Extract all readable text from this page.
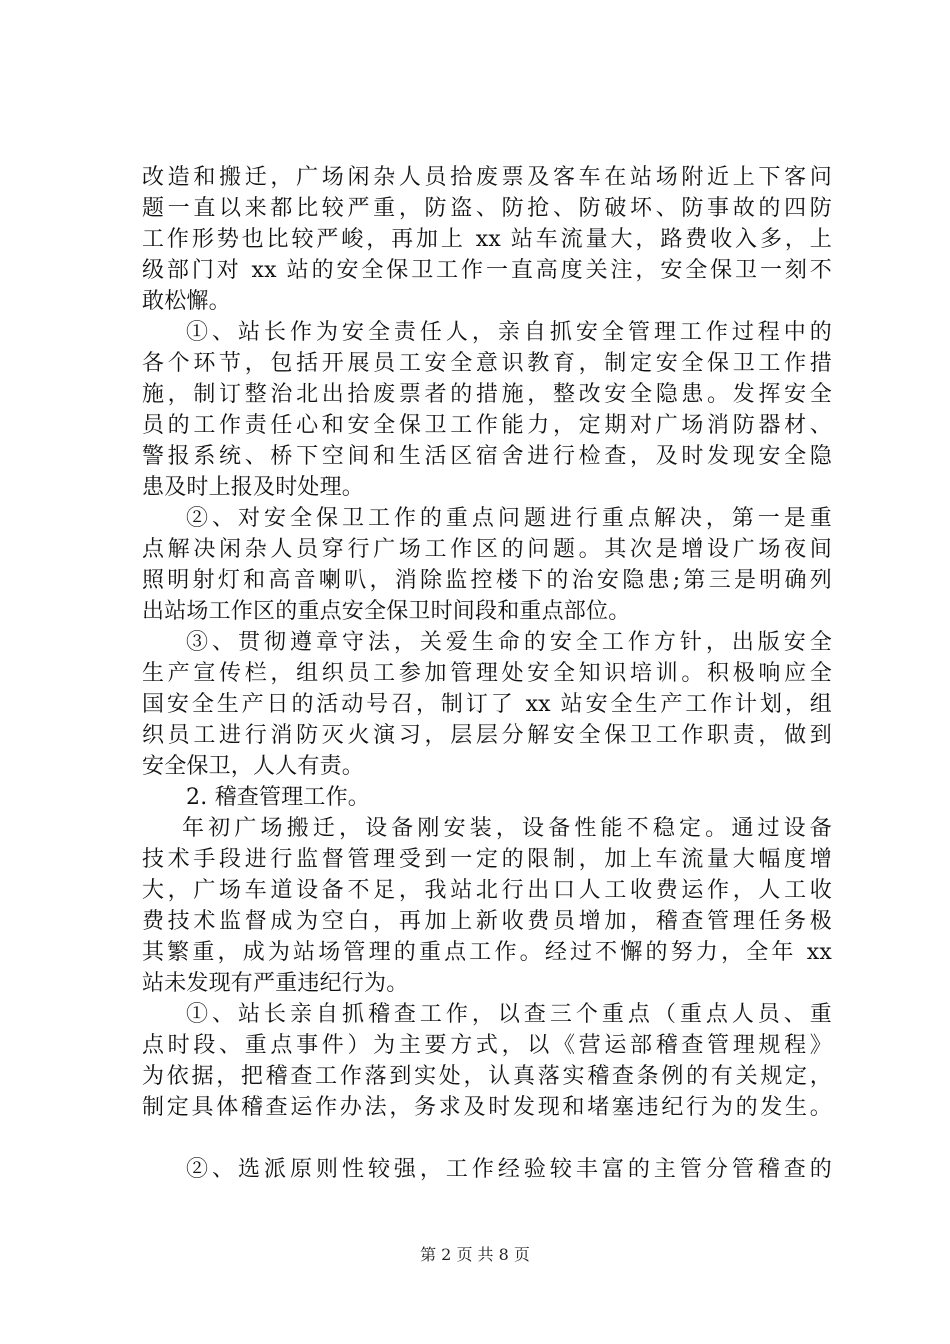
改造和搬迁，广场闲杂人员拾废票及客车在站场附近上下客问
题一直以来都比较严重，防盗、防抢、防破坏、防事故的四防
工作形势也比较严峻，再加上 xx 站车流量大，路费收入多，上
级部门对 xx 站的安全保卫工作一直高度关注，安全保卫一刻不
敢松懈。
①、站长作为安全责任人，亲自抓安全管理工作过程中的
各个环节，包括开展员工安全意识教育，制定安全保卫工作措
施，制订整治北出拾废票者的措施，整改安全隐患。发挥安全
员的工作责任心和安全保卫工作能力，定期对广场消防器材、
警报系统、桥下空间和生活区宿舍进行检查，及时发现安全隐
患及时上报及时处理。
②、对安全保卫工作的重点问题进行重点解决，第一是重
点解决闲杂人员穿行广场工作区的问题。其次是增设广场夜间
照明射灯和高音喇叭，消除监控楼下的治安隐患;第三是明确列
出站场工作区的重点安全保卫时间段和重点部位。
③、贯彻遵章守法，关爱生命的安全工作方针，出版安全
生产宣传栏，组织员工参加管理处安全知识培训。积极响应全
国安全生产日的活动号召，制订了 xx 站安全生产工作计划，组
织员工进行消防灭火演习，层层分解安全保卫工作职责，做到
安全保卫，人人有责。
2. 稽查管理工作。
年初广场搬迁，设备刚安装，设备性能不稳定。通过设备
技术手段进行监督管理受到一定的限制，加上车流量大幅度增
大，广场车道设备不足，我站北行出口人工收费运作，人工收
费技术监督成为空白，再加上新收费员增加，稽查管理任务极
其繁重，成为站场管理的重点工作。经过不懈的努力，全年 xx
站未发现有严重违纪行为。
①、站长亲自抓稽查工作，以查三个重点（重点人员、重
点时段、重点事件）为主要方式，以《营运部稽查管理规程》
为依据，把稽查工作落到实处，认真落实稽查条例的有关规定，
制定具体稽查运作办法，务求及时发现和堵塞违纪行为的发生。
②、选派原则性较强，工作经验较丰富的主管分管稽查的
第 2 页 共 8 页
